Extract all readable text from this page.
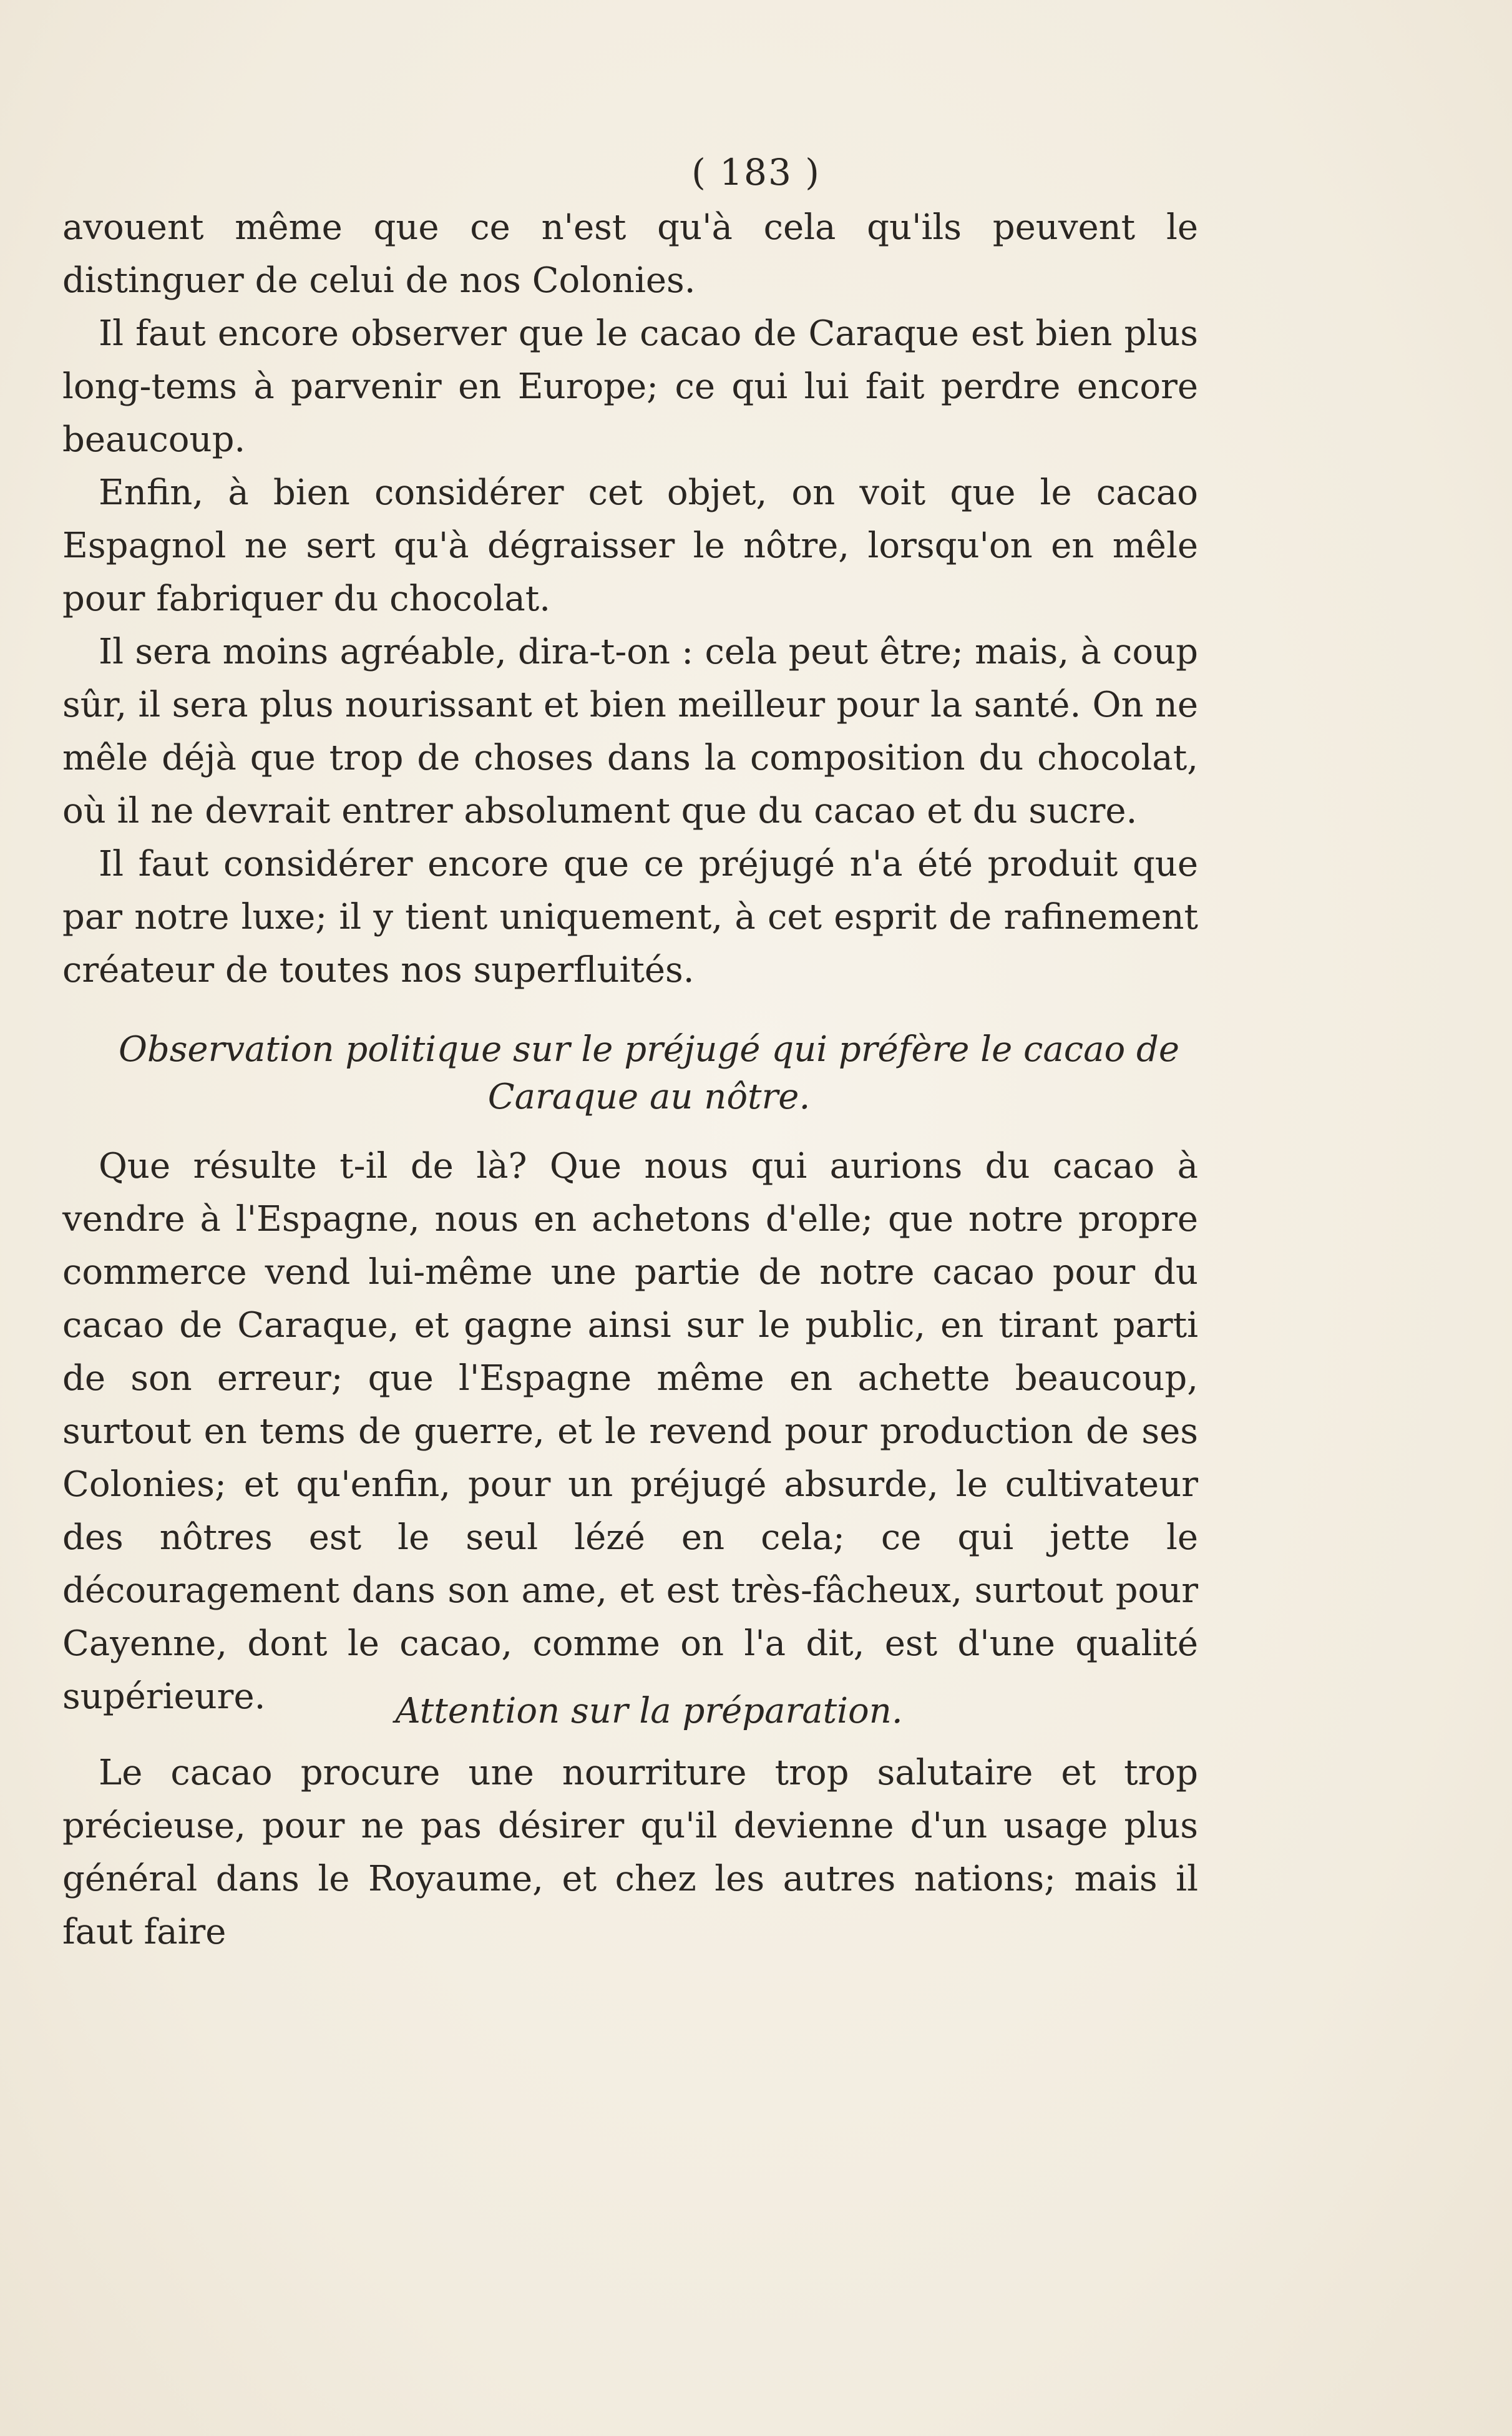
( 183 )

avouent même que ce n'est qu'à cela qu'ils peuvent le distinguer de celui de nos Colonies.

Il faut encore observer que le cacao de Caraque est bien plus long-tems à parvenir en Europe; ce qui lui fait perdre encore beaucoup.

Enfin, à bien considérer cet objet, on voit que le cacao Espagnol ne sert qu'à dégraisser le nôtre, lorsqu'on en mêle pour fabriquer du chocolat.

Il sera moins agréable, dira-t-on : cela peut être; mais, à coup sûr, il sera plus nourissant et bien meilleur pour la santé. On ne mêle déjà que trop de choses dans la composition du chocolat, où il ne devrait entrer absolument que du cacao et du sucre.

Il faut considérer encore que ce préjugé n'a été produit que par notre luxe; il y tient uniquement, à cet esprit de rafinement créateur de toutes nos superfluités.

Observation politique sur le préjugé qui préfère le cacao de Caraque au nôtre.

Que résulte t-il de là? Que nous qui aurions du cacao à vendre à l'Espagne, nous en achetons d'elle; que notre propre commerce vend lui-même une partie de notre cacao pour du cacao de Caraque, et gagne ainsi sur le public, en tirant parti de son erreur; que l'Espagne même en achette beaucoup, surtout en tems de guerre, et le revend pour production de ses Colonies; et qu'enfin, pour un préjugé absurde, le cultivateur des nôtres est le seul lézé en cela; ce qui jette le découragement dans son ame, et est très-fâcheux, surtout pour Cayenne, dont le cacao, comme on l'a dit, est d'une qualité supérieure.	Attention sur la préparation.

Le cacao procure une nourriture trop salutaire et trop précieuse, pour ne pas désirer qu'il devienne d'un usage plus général dans le Royaume, et chez les autres nations; mais il faut faire
